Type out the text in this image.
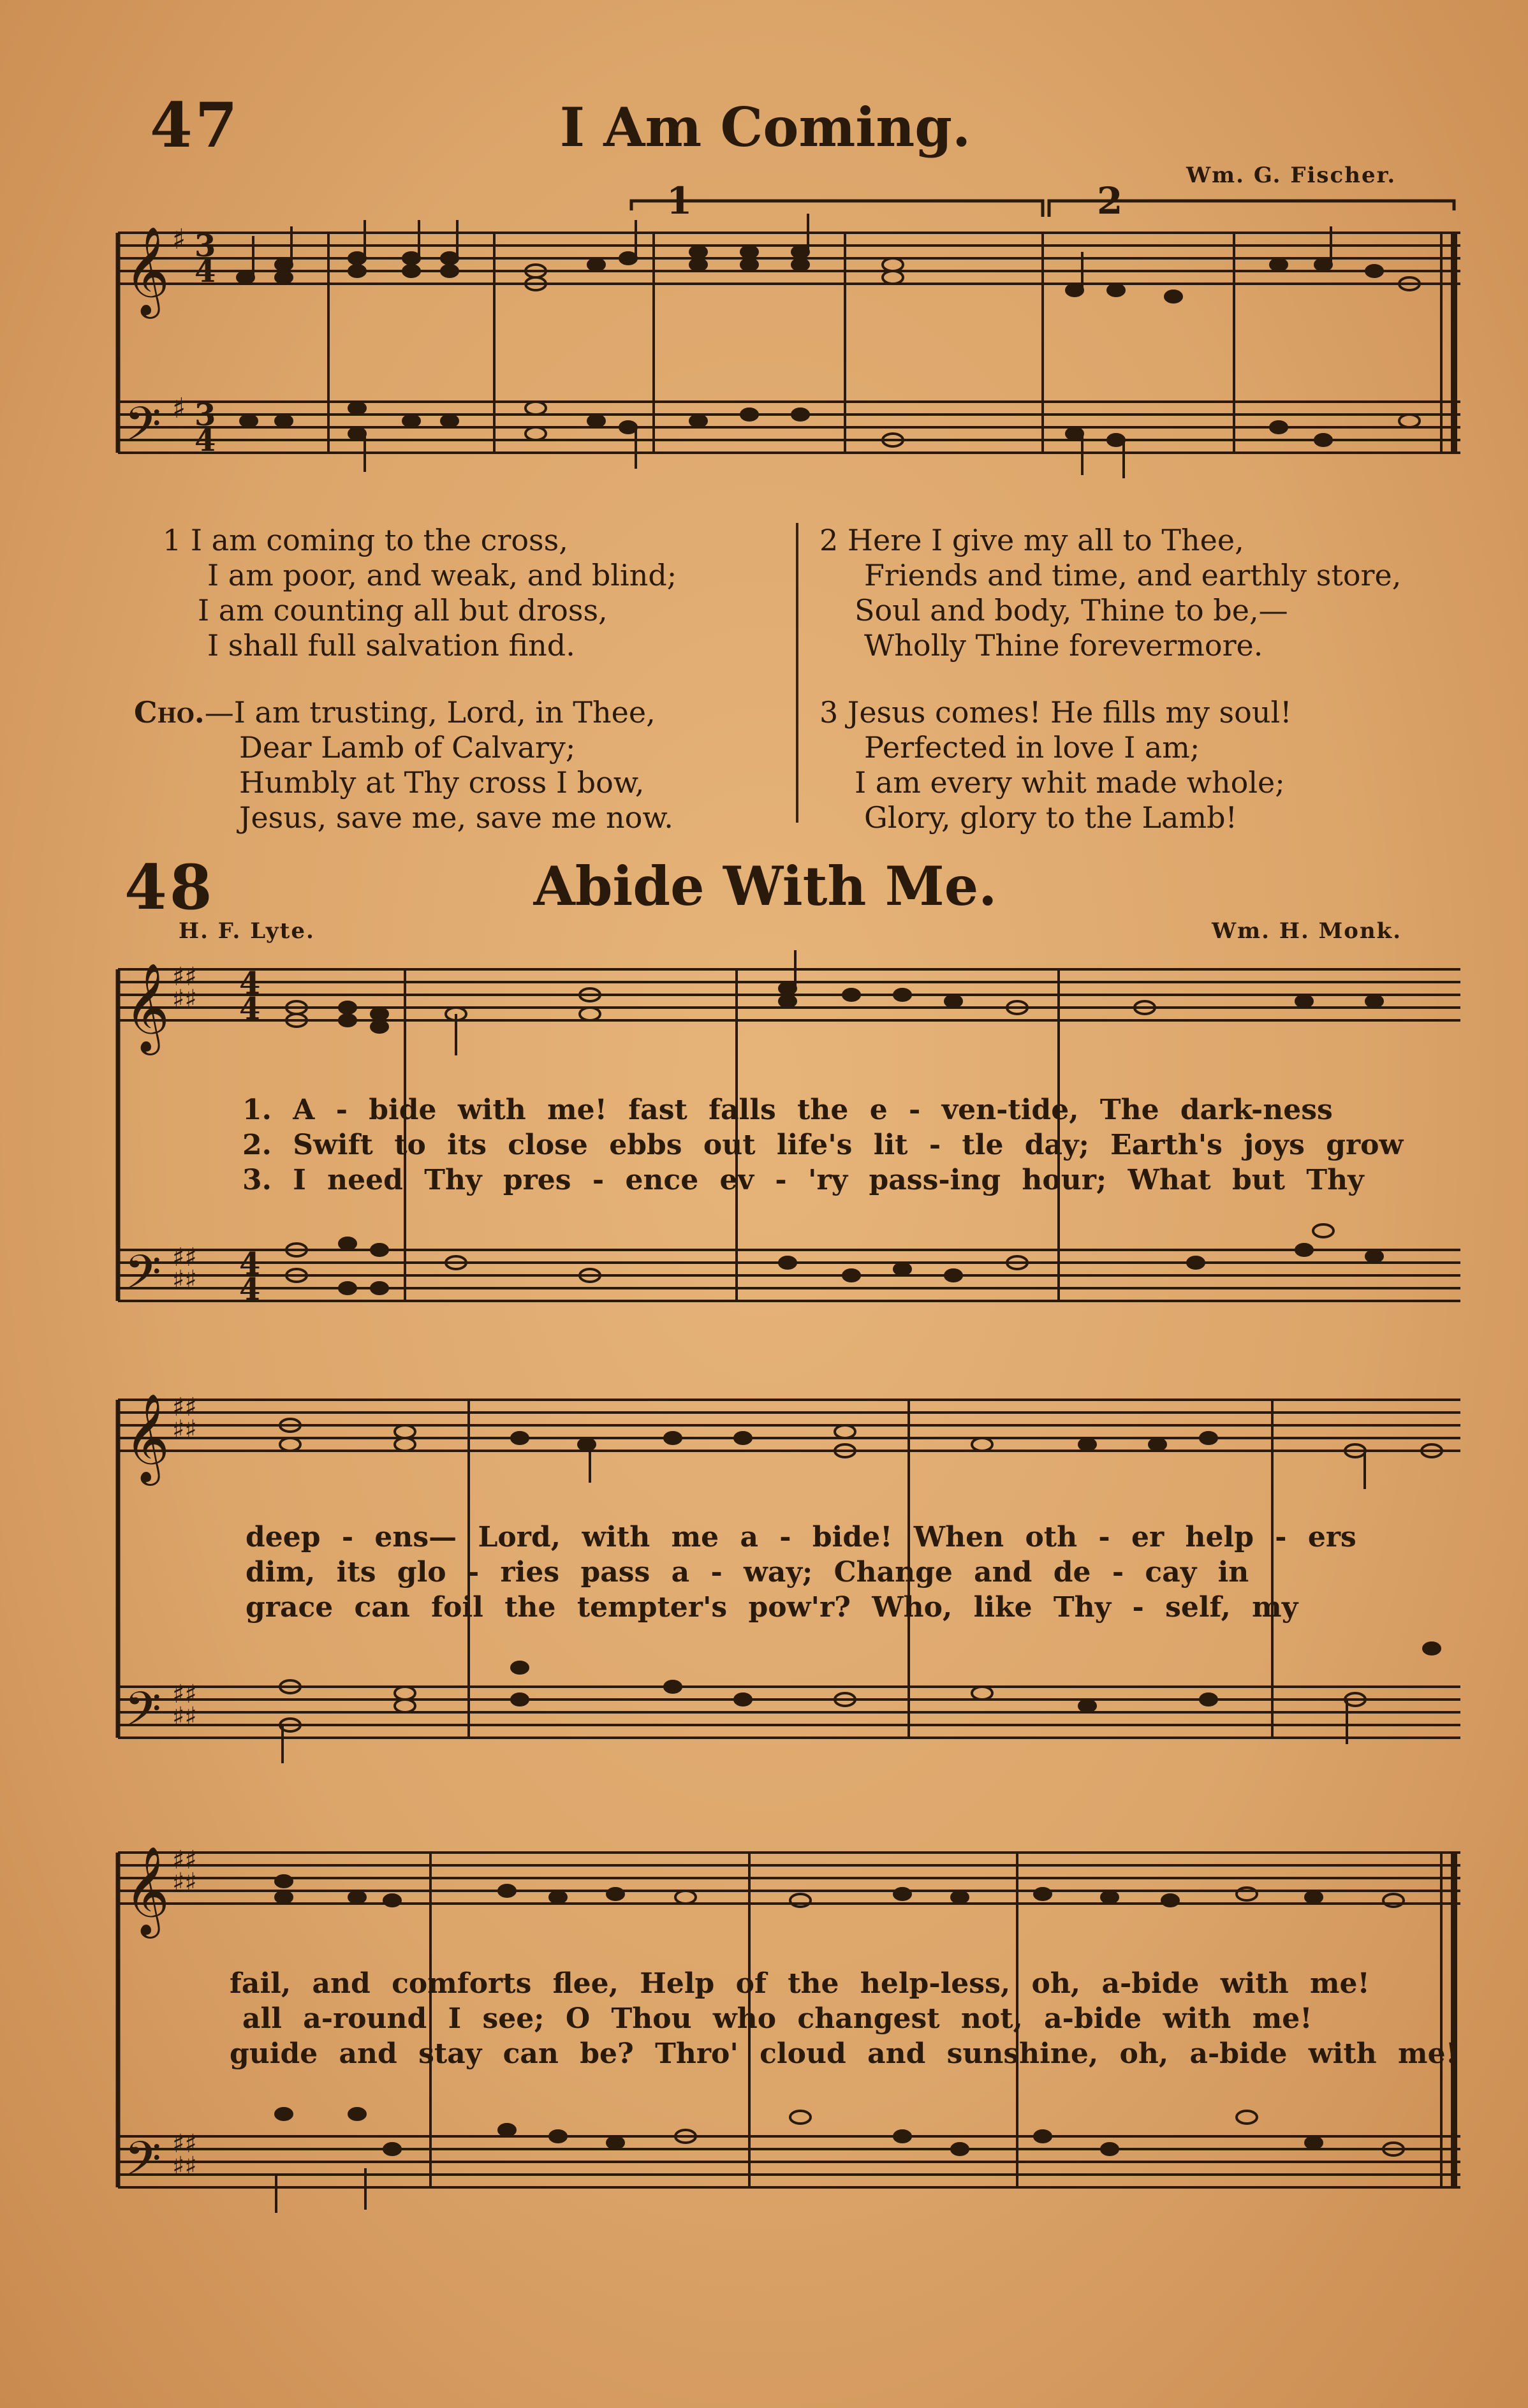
47	I Am Coming.
Wm. G. Fischer.
1	2
𝄞
𝄢
3
4
3
4
♯
♯
1 I am coming to the cross,
I am poor, and weak, and blind;
I am counting all but dross,
I shall full salvation find.
Cho.—I am trusting, Lord, in Thee,
Dear Lamb of Calvary;
Humbly at Thy cross I bow,
Jesus, save me, save me now.
2 Here I give my all to Thee,
Friends and time, and earthly store,
Soul and body, Thine to be,—
Wholly Thine forevermore.
3 Jesus comes! He fills my soul!
Perfected in love I am;
I am every whit made whole;
Glory, glory to the Lamb!
48	Abide With Me.
H. F. Lyte.	Wm. H. Monk.
𝄞
𝄢
♯♯
♯♯
♯♯
♯♯
4
4
4
4
1. A - bide with me! fast falls the e - ven-tide, The dark-ness
2. Swift to its close ebbs out life's lit - tle day; Earth's joys grow
3. I need Thy pres - ence ev - 'ry pass-ing hour; What but Thy
𝄞
𝄢
♯♯
♯♯
♯♯
♯♯
deep - ens— Lord, with me a - bide! When oth - er help - ers
dim, its glo - ries pass a - way; Change and de - cay in
grace can foil the tempter's pow'r? Who, like Thy - self, my
𝄞
𝄢
♯♯
♯♯
♯♯
♯♯
fail, and comforts flee, Help of the help-less, oh, a-bide with me!
all a-round I see; O Thou who changest not, a-bide with me!
guide and stay can be? Thro' cloud and sunshine, oh, a-bide with me!
